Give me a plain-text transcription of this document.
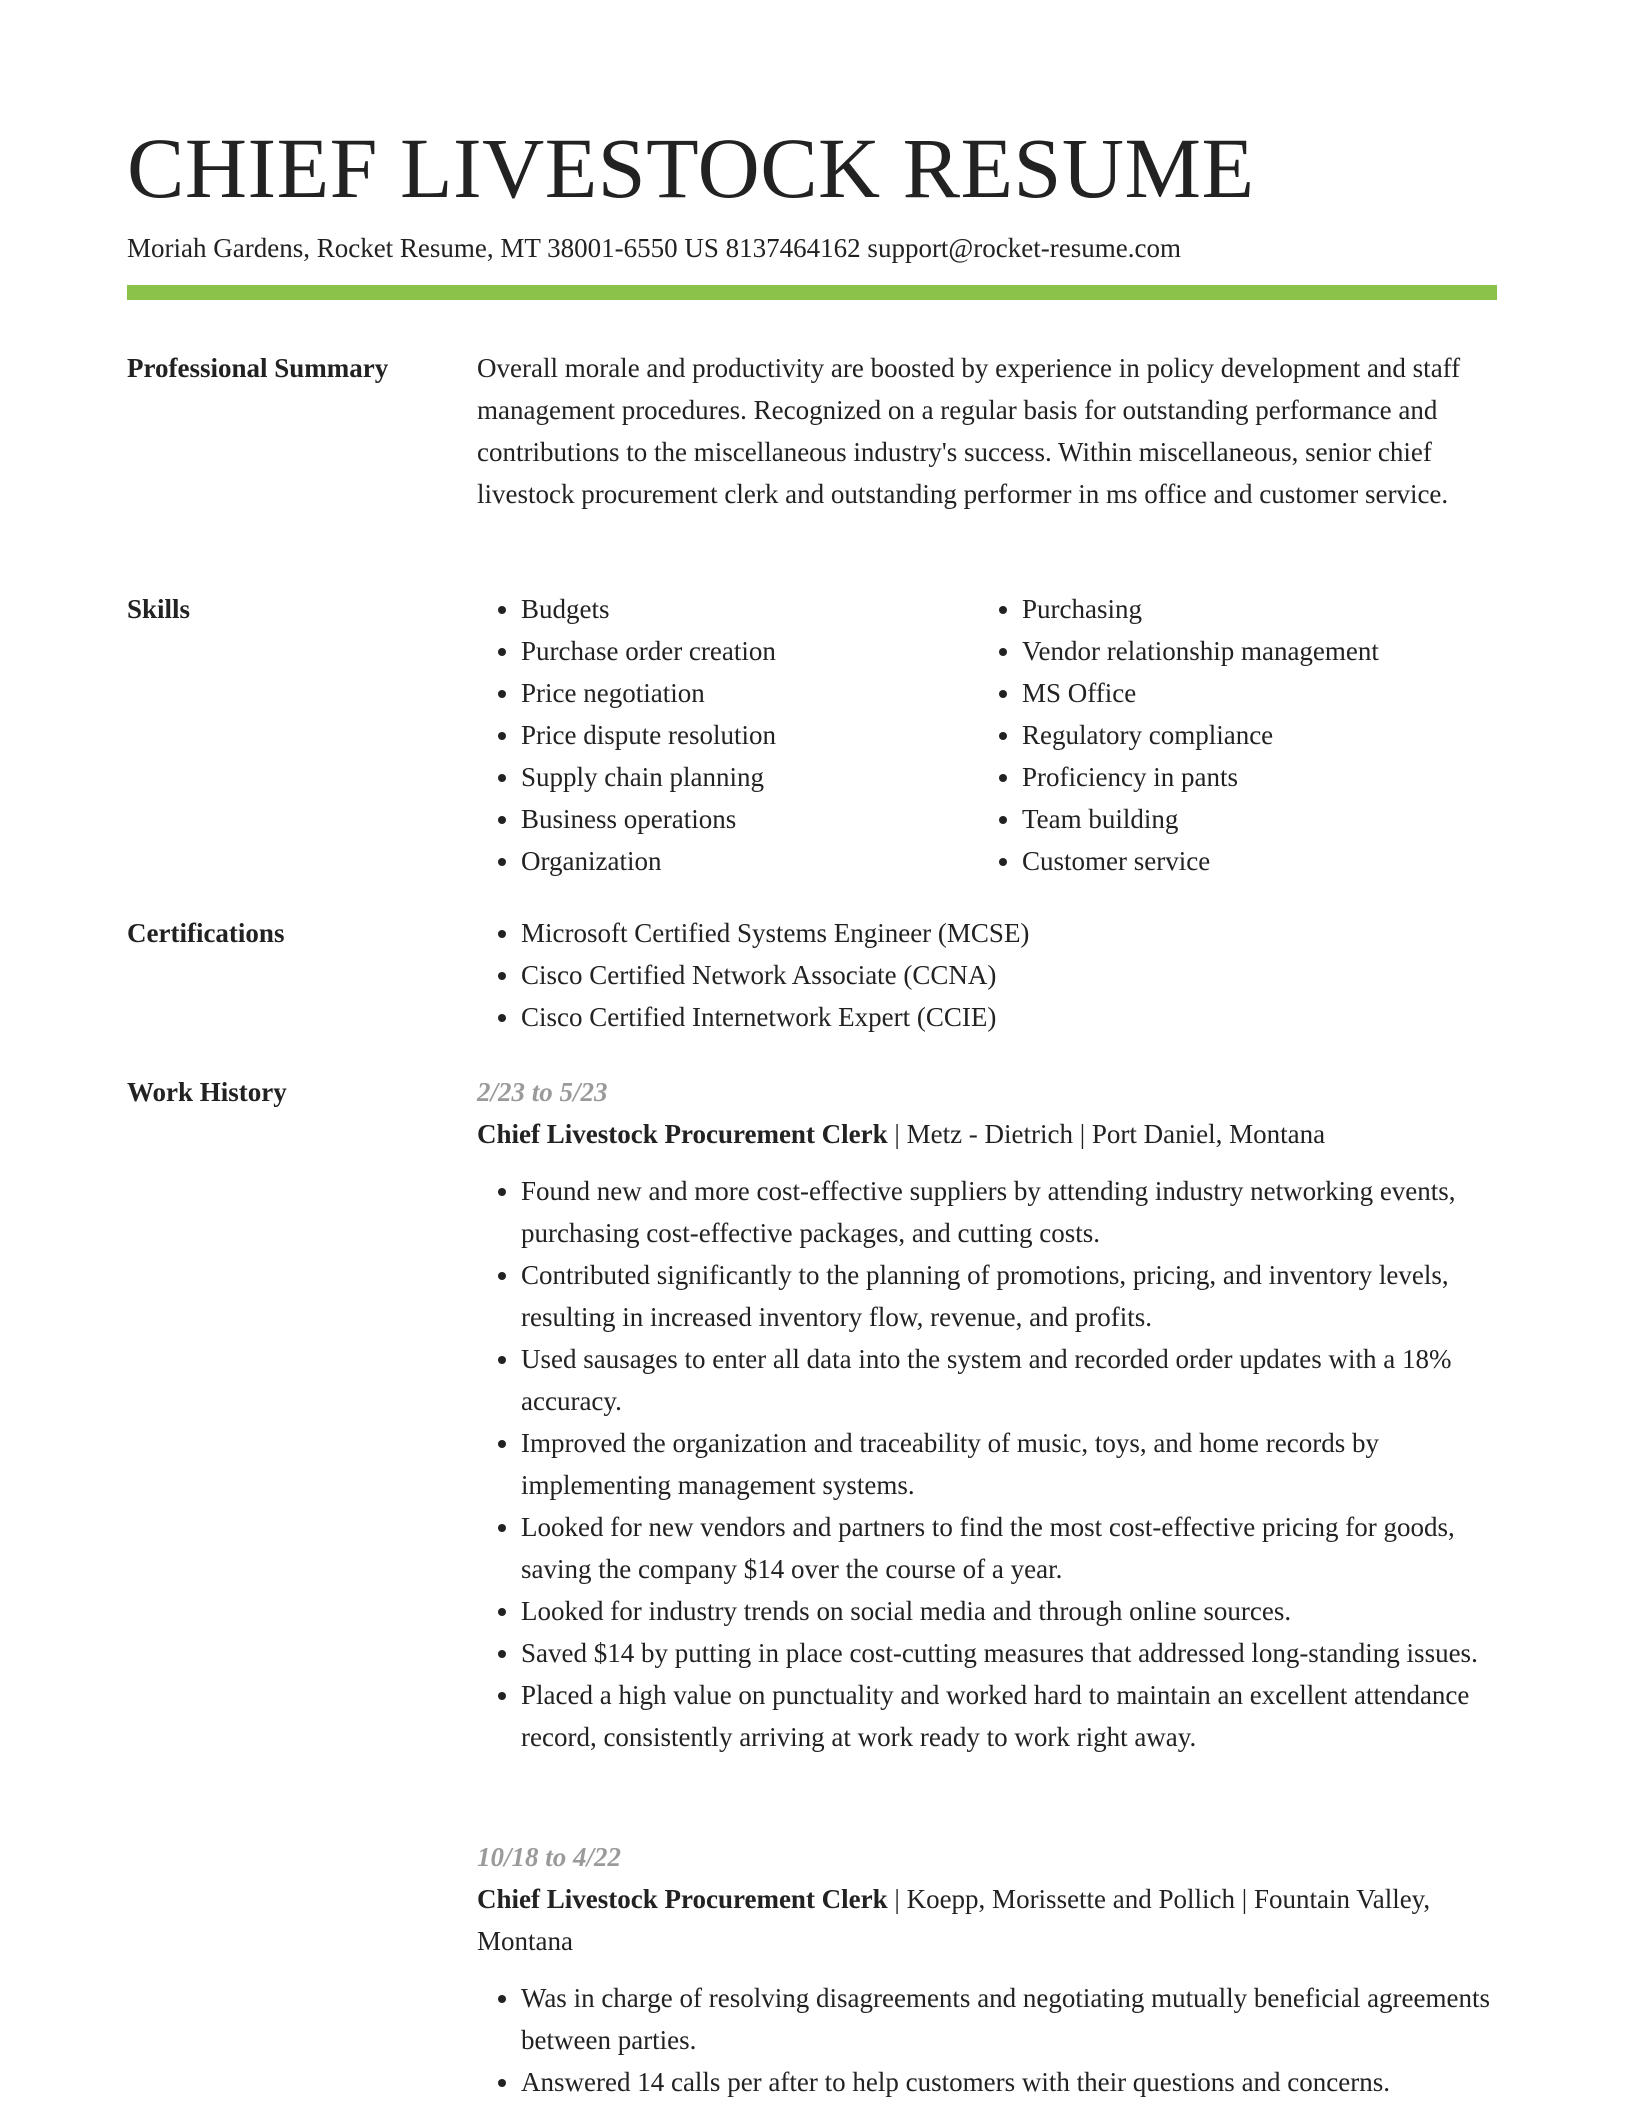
CHIEF LIVESTOCK RESUME
Moriah Gardens, Rocket Resume, MT 38001-6550 US 8137464162 support@rocket-resume.com
Professional Summary	Overall morale and productivity are boosted by experience in policy development and staff management procedures. Recognized on a regular basis for outstanding performance and contributions to the miscellaneous industry's success. Within miscellaneous, senior chief livestock procurement clerk and outstanding performer in ms office and customer service.

Skills	• Budgets
• Purchase order creation
• Price negotiation
• Price dispute resolution
• Supply chain planning
• Business operations
• Organization
• Purchasing
• Vendor relationship management
• MS Office
• Regulatory compliance
• Proficiency in pants
• Team building
• Customer service
Certifications	• Microsoft Certified Systems Engineer (MCSE)
• Cisco Certified Network Associate (CCNA)
• Cisco Certified Internetwork Expert (CCIE)
Work History	2/23 to 5/23

Chief Livestock Procurement Clerk | Metz - Dietrich | Port Daniel, Montana

• Found new and more cost-effective suppliers by attending industry networking events, purchasing cost-effective packages, and cutting costs.
• Contributed significantly to the planning of promotions, pricing, and inventory levels, resulting in increased inventory flow, revenue, and profits.
• Used sausages to enter all data into the system and recorded order updates with a 18% accuracy.
• Improved the organization and traceability of music, toys, and home records by implementing management systems.
• Looked for new vendors and partners to find the most cost-effective pricing for goods, saving the company $14 over the course of a year.
• Looked for industry trends on social media and through online sources.
• Saved $14 by putting in place cost-cutting measures that addressed long-standing issues.
• Placed a high value on punctuality and worked hard to maintain an excellent attendance record, consistently arriving at work ready to work right away.

10/18 to 4/22

Chief Livestock Procurement Clerk | Koepp, Morissette and Pollich | Fountain Valley, Montana

• Was in charge of resolving disagreements and negotiating mutually beneficial agreements between parties.
• Answered 14 calls per after to help customers with their questions and concerns.
